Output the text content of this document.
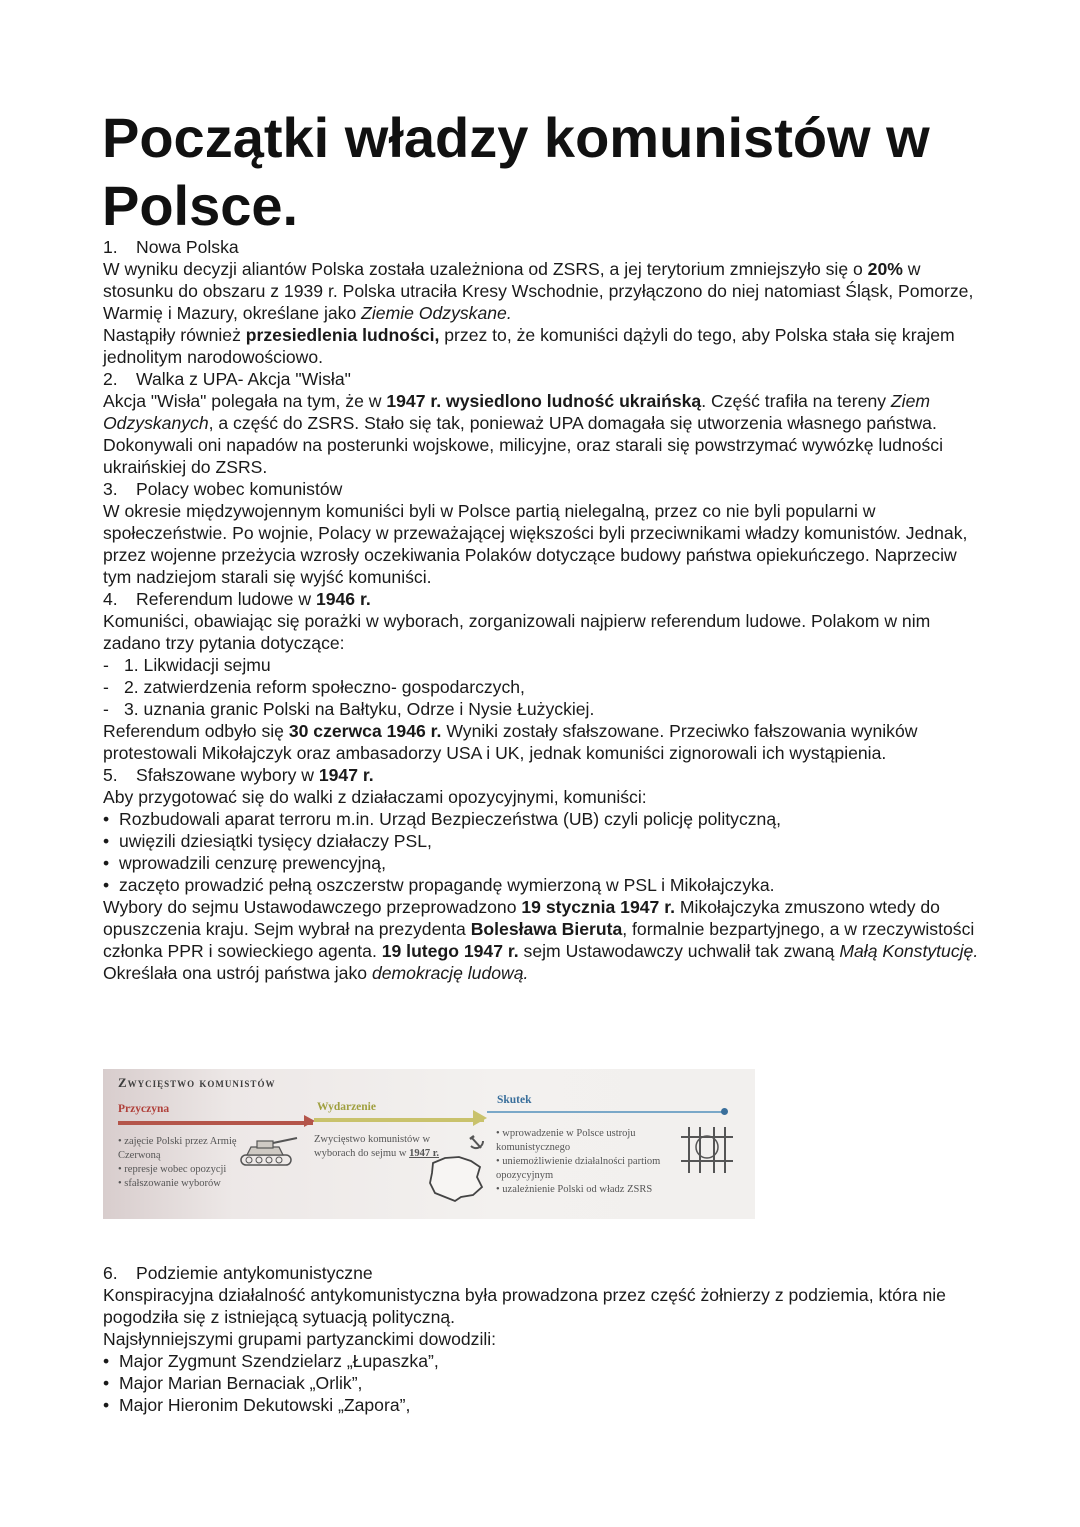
Początki władzy komunistów w Polsce.

1. Nowa Polska

W wyniku decyzji aliantów Polska została uzależniona od ZSRS, a jej terytorium zmniejszyło się o 20% w stosunku do obszaru z 1939 r. Polska utraciła Kresy Wschodnie, przyłączono do niej natomiast Śląsk, Pomorze, Warmię i Mazury, określane jako Ziemie Odzyskane.

Nastąpiły również przesiedlenia ludności, przez to, że komuniści dążyli do tego, aby Polska stała się krajem jednolitym narodowościowo.

2. Walka z UPA- Akcja "Wisła"

Akcja "Wisła" polegała na tym, że w 1947 r. wysiedlono ludność ukraińską. Część trafiła na tereny Ziem Odzyskanych, a część do ZSRS. Stało się tak, ponieważ UPA domagała się utworzenia własnego państwa. Dokonywali oni napadów na posterunki wojskowe, milicyjne, oraz starali się powstrzymać wywózkę ludności ukraińskiej do ZSRS.

3. Polacy wobec komunistów

W okresie międzywojennym komuniści byli w Polsce partią nielegalną, przez co nie byli popularni w społeczeństwie. Po wojnie, Polacy w przeważającej większości byli przeciwnikami władzy komunistów. Jednak, przez wojenne przeżycia wzrosły oczekiwania Polaków dotyczące budowy państwa opiekuńczego. Naprzeciw tym nadziejom starali się wyjść komuniści.

4. Referendum ludowe w 1946 r.

Komuniści, obawiając się porażki w wyborach, zorganizowali najpierw referendum ludowe. Polakom w nim zadano trzy pytania dotyczące:

- 1. Likwidacji sejmu

- 2. zatwierdzenia reform społeczno- gospodarczych,

- 3. uznania granic Polski na Bałtyku, Odrze i Nysie Łużyckiej.

Referendum odbyło się 30 czerwca 1946 r. Wyniki zostały sfałszowane. Przeciwko fałszowania wyników protestowali Mikołajczyk oraz ambasadorzy USA i UK, jednak komuniści zignorowali ich wystąpienia.

5. Sfałszowane wybory w 1947 r.

Aby przygotować się do walki z działaczami opozycyjnymi, komuniści:

• Rozbudowali aparat terroru m.in. Urząd Bezpieczeństwa (UB) czyli policję polityczną,

• uwięzili dziesiątki tysięcy działaczy PSL,

• wprowadzili cenzurę prewencyjną,

• zaczęto prowadzić pełną oszczerstw propagandę wymierzoną w PSL i Mikołajczyka.

Wybory do sejmu Ustawodawczego przeprowadzono 19 stycznia 1947 r. Mikołajczyka zmuszono wtedy do opuszczenia kraju. Sejm wybrał na prezydenta Bolesława Bieruta, formalnie bezpartyjnego, a w rzeczywistości członka PPR i sowieckiego agenta. 19 lutego 1947 r. sejm Ustawodawczy uchwalił tak zwaną Małą Konstytucję. Określała ona ustrój państwa jako demokrację ludową.

Zwycięstwo komunistów
Przyczyna	Wydarzenie
Skutek

• zajęcie Polski przez Armię Czerwoną

• represje wobec opozycji

• sfałszowanie wyborów

Zwycięstwo komunistów w wyborach do sejmu w 1947 r.

• wprowadzenie w Polsce ustroju komunistycznego

• uniemożliwienie działalności partiom opozycyjnym

• uzależnienie Polski od władz ZSRS

6. Podziemie antykomunistyczne

Konspiracyjna działalność antykomunistyczna była prowadzona przez część żołnierzy z podziemia, która nie pogodziła się z istniejącą sytuacją polityczną.

Najsłynniejszymi grupami partyzanckimi dowodzili:

• Major Zygmunt Szendzielarz „Łupaszka”,

• Major Marian Bernaciak „Orlik”,

• Major Hieronim Dekutowski „Zapora”,
